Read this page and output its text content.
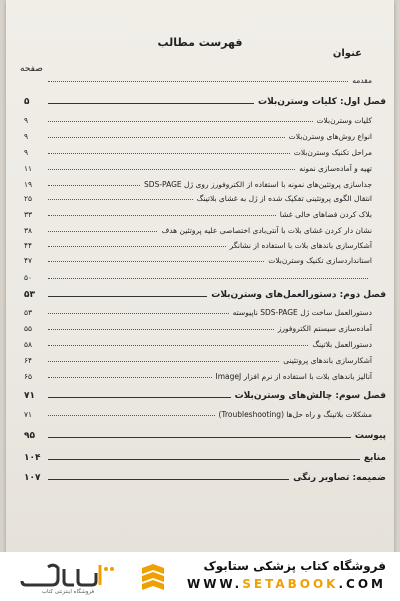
فهرست مطالب
عنوان
صفحه
مقدمه
فصل اول: کلیات وسترن‌بلات
۵
کلیات وسترن‌بلات
۹
انواع روش‌های وسترن‌بلات
۹
مراحل تکنیک وسترن‌بلات
۹
تهیه و آماده‌سازی نمونه
۱۱
جداسازی پروتئین‌های نمونه با استفاده از الکتروفورز روی ژل SDS-PAGE
۱۹
انتقال الگوی پروتئینی تفکیک شده از ژل به غشای بلاتینگ
۲۵
بلاک کردن فضاهای خالی غشا
۳۳
نشان دار کردن غشای بلات با آنتی‌بادی اختصاصی علیه پروتئین هدف
۳۸
آشکارسازی باندهای بلات با استفاده از نشانگر
۴۴
استانداردسازی تکنیک وسترن‌بلات
۴۷
۵۰
فصل دوم: دستورالعمل‌های وسترن‌بلات
۵۳
دستورالعمل ساخت ژل SDS-PAGE ناپیوسته
۵۳
آماده‌سازی سیستم الکتروفورز
۵۵
دستورالعمل بلاتینگ
۵۸
آشکارسازی باندهای پروتئینی
۶۴
آنالیز باندهای بلات با استفاده از نرم افزار ImageJ
۶۵
فصل سوم: چالش‌های وسترن‌بلات
۷۱
مشکلات بلاتینگ و راه حل‌ها (Troubleshooting)
۷۱
پیوست
۹۵
منابع
۱۰۴
ضمیمه: تصاویر رنگی
۱۰۷
فروشگاه اینترنتی کتاب
فروشگاه کتاب پزشکی ستابوک
WWW.SETABOOK.COM
